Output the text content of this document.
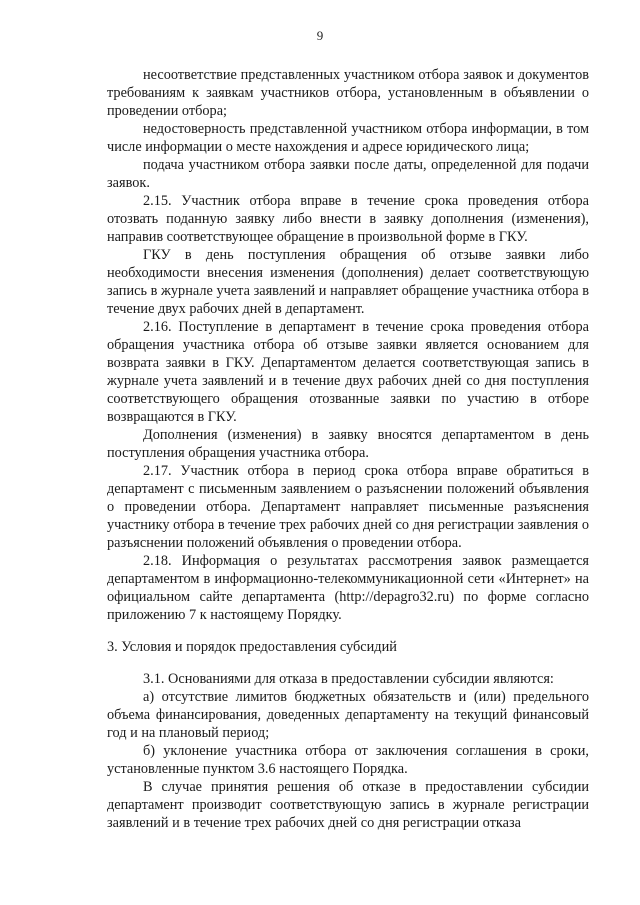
9

несоответствие представленных участником отбора заявок и документов требованиям к заявкам участников отбора, установленным в объявлении о проведении отбора;

недостоверность представленной участником отбора информации, в том числе информации о месте нахождения и адресе юридического лица;

подача участником отбора заявки после даты, определенной для подачи заявок.

2.15. Участник отбора вправе в течение срока проведения отбора отозвать поданную заявку либо внести в заявку дополнения (изменения), направив соответствующее обращение в произвольной форме в ГКУ.

ГКУ в день поступления обращения об отзыве заявки либо необходимости внесения изменения (дополнения) делает соответствующую запись в журнале учета заявлений и направляет обращение участника отбора в течение двух рабочих дней в департамент.

2.16. Поступление в департамент в течение срока проведения отбора обращения участника отбора об отзыве заявки является основанием для возврата заявки в ГКУ. Департаментом делается соответствующая запись в журнале учета заявлений и в течение двух рабочих дней со дня поступления соответствующего обращения отозванные заявки по участию в отборе возвращаются в ГКУ.

Дополнения (изменения) в заявку вносятся департаментом в день поступления обращения участника отбора.

2.17. Участник отбора в период срока отбора вправе обратиться в департамент с письменным заявлением о разъяснении положений объявления о проведении отбора. Департамент направляет письменные разъяснения участнику отбора в течение трех рабочих дней со дня регистрации заявления о разъяснении положений объявления о проведении отбора.

2.18. Информация о результатах рассмотрения заявок размещается департаментом в информационно-телекоммуникационной сети «Интернет» на официальном сайте департамента (http://depagro32.ru) по форме согласно приложению 7 к настоящему Порядку.

3. Условия и порядок предоставления субсидий

3.1. Основаниями для отказа в предоставлении субсидии являются:

а) отсутствие лимитов бюджетных обязательств и (или) предельного объема финансирования, доведенных департаменту на текущий финансовый год и на плановый период;

б) уклонение участника отбора от заключения соглашения в сроки, установленные пунктом 3.6 настоящего Порядка.

В случае принятия решения об отказе в предоставлении субсидии департамент производит соответствующую запись в журнале регистрации заявлений и в течение трех рабочих дней со дня регистрации отказа
